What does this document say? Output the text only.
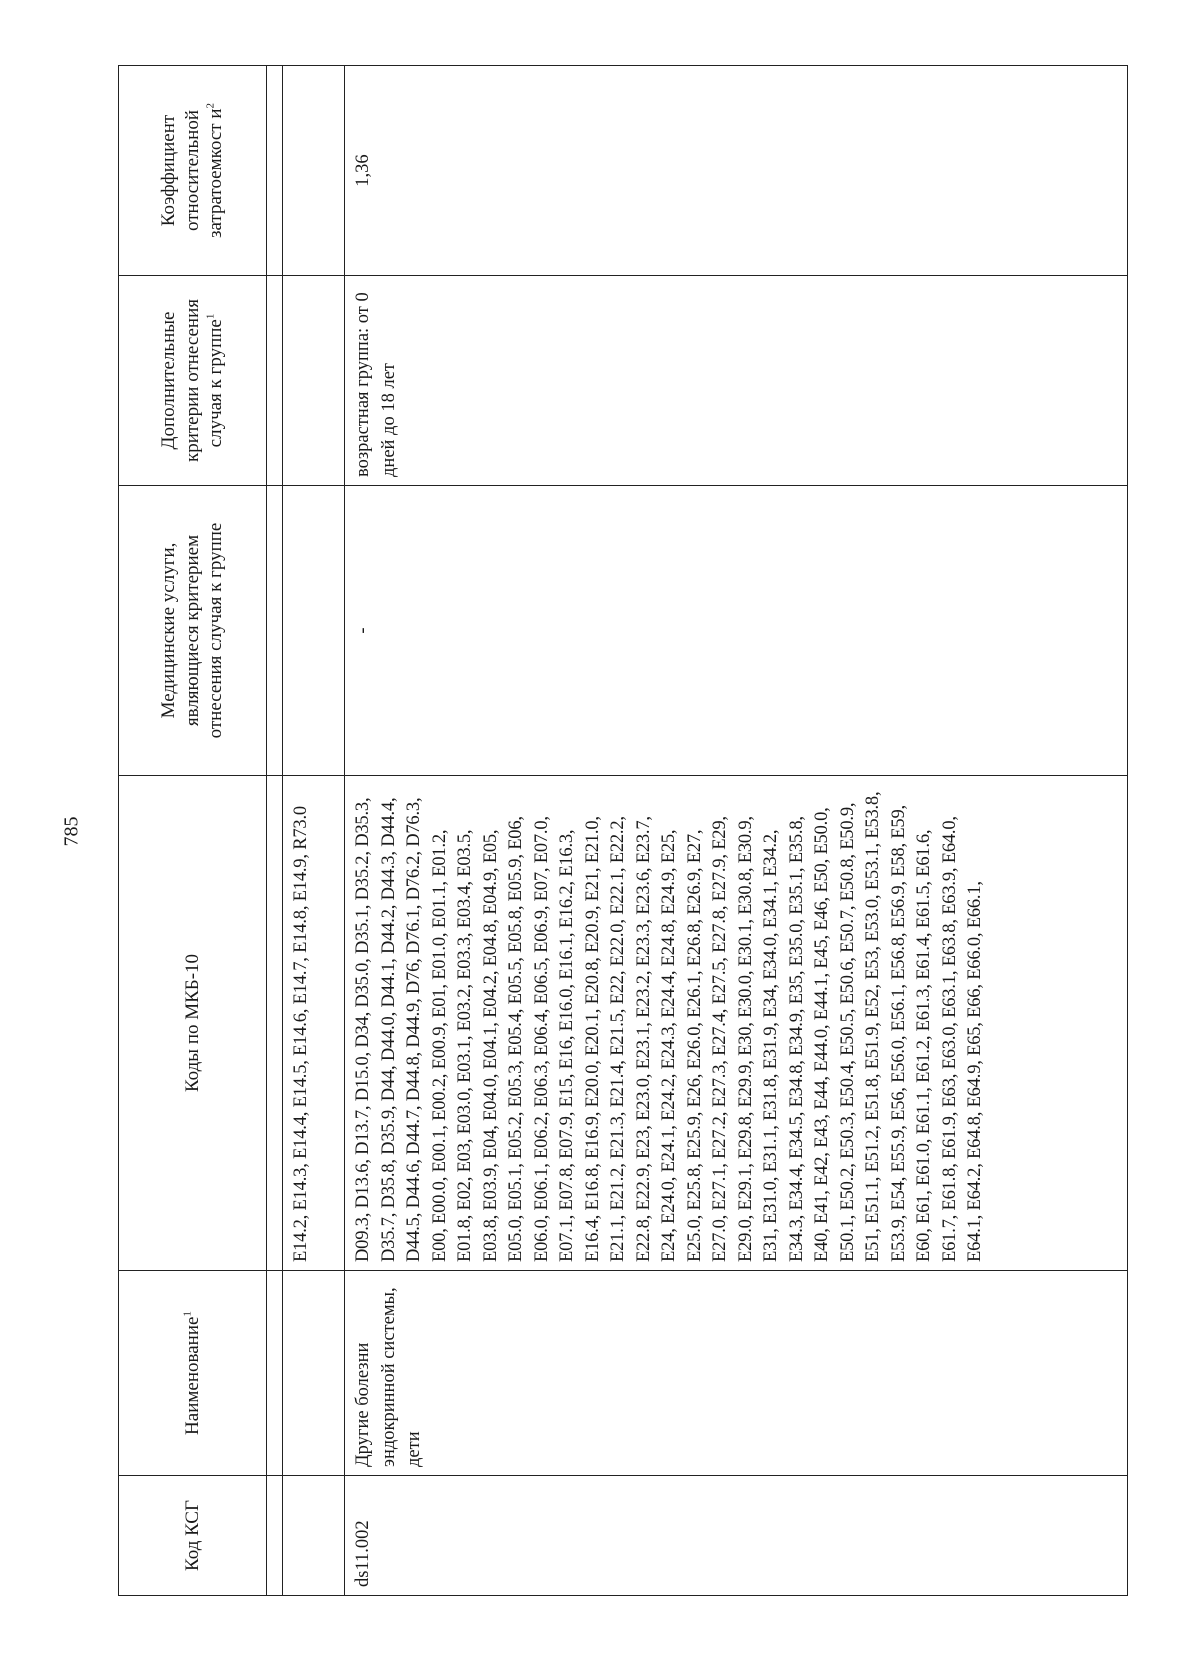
785
Код КСГ	Наименование$^1$	Коды по МКБ-10	Медицинские услуги, являющиеся критерием отнесения случая к группе	Дополнительные критерии отнесения случая к группе$^1$	Коэффициент относительной затратоемкост $и^2$

		E14.2, E14.3, E14.4, E14.5, E14.6, E14.7, E14.8, E14.9, R73.0			
ds11.002	Другие болезни эндокринной системы, дети	D09.3, D13.6, D13.7, D15.0, D34, D35.0, D35.1, D35.2, D35.3, D35.7, D35.8, D35.9, D44, D44.0, D44.1, D44.2, D44.3, D44.4, D44.5, D44.6, D44.7, D44.8, D44.9, D76, D76.1, D76.2, D76.3, E00, E00.0, E00.1, E00.2, E00.9, E01, E01.0, E01.1, E01.2, E01.8, E02, E03, E03.0, E03.1, E03.2, E03.3, E03.4, E03.5, E03.8, E03.9, E04, E04.0, E04.1, E04.2, E04.8, E04.9, E05, E05.0, E05.1, E05.2, E05.3, E05.4, E05.5, E05.8, E05.9, E06, E06.0, E06.1, E06.2, E06.3, E06.4, E06.5, E06.9, E07, E07.0, E07.1, E07.8, E07.9, E15, E16, E16.0, E16.1, E16.2, E16.3, E16.4, E16.8, E16.9, E20.0, E20.1, E20.8, E20.9, E21, E21.0, E21.1, E21.2, E21.3, E21.4, E21.5, E22, E22.0, E22.1, E22.2, E22.8, E22.9, E23, E23.0, E23.1, E23.2, E23.3, E23.6, E23.7, E24, E24.0, E24.1, E24.2, E24.3, E24.4, E24.8, E24.9, E25, E25.0, E25.8, E25.9, E26, E26.0, E26.1, E26.8, E26.9, E27, E27.0, E27.1, E27.2, E27.3, E27.4, E27.5, E27.8, E27.9, E29, E29.0, E29.1, E29.8, E29.9, E30, E30.0, E30.1, E30.8, E30.9, E31, E31.0, E31.1, E31.8, E31.9, E34, E34.0, E34.1, E34.2, E34.3, E34.4, E34.5, E34.8, E34.9, E35, E35.0, E35.1, E35.8, E40, E41, E42, E43, E44, E44.0, E44.1, E45, E46, E50, E50.0, E50.1, E50.2, E50.3, E50.4, E50.5, E50.6, E50.7, E50.8, E50.9, E51, E51.1, E51.2, E51.8, E51.9, E52, E53, E53.0, E53.1, E53.8, E53.9, E54, E55.9, E56, E56.0, E56.1, E56.8, E56.9, E58, E59, E60, E61, E61.0, E61.1, E61.2, E61.3, E61.4, E61.5, E61.6, E61.7, E61.8, E61.9, E63, E63.0, E63.1, E63.8, E63.9, E64.0, E64.1, E64.2, E64.8, E64.9, E65, E66, E66.0, E66.1,	-	возрастная группа: от 0 дней до 18 лет	1,36
